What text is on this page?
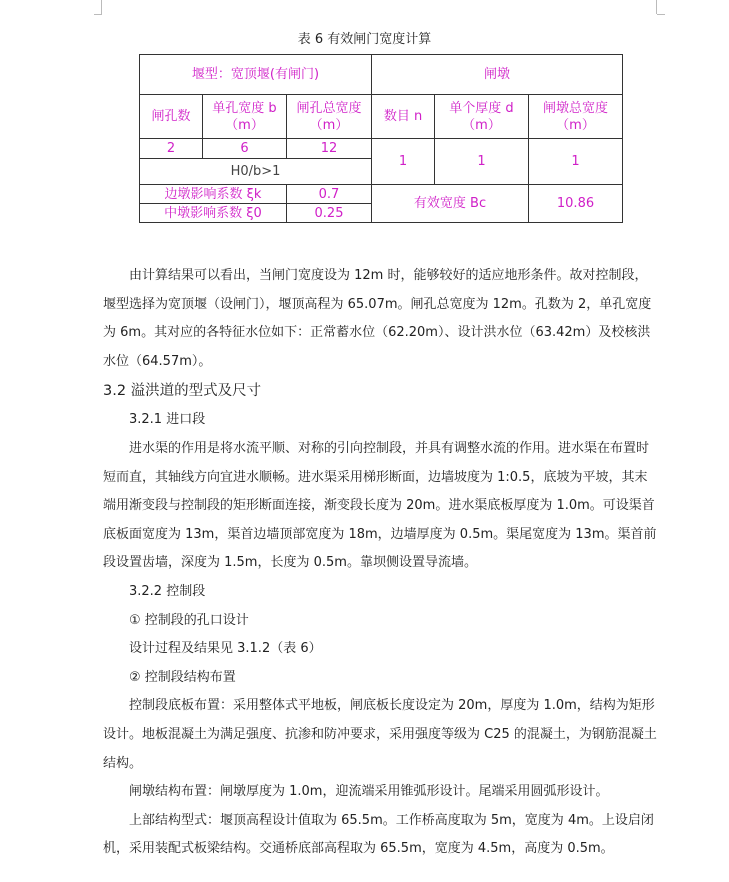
表 6 有效闸门宽度计算
堰型：宽顶堰(有闸门)			闸墩		
闸孔数	单孔宽度 b（m）	闸孔总宽度（m）	数目 n	单个厚度 d（m）	闸墩总宽度（m）
2	6	12	1	1	1
H0/b>1					
边墩影响系数 ξk		0.7	有效宽度 Bc		10.86
中墩影响系数 ξ0		0.25			

由计算结果可以看出，当闸门宽度设为 12m 时，能够较好的适应地形条件。故对控制段，堰型选择为宽顶堰（设闸门），堰顶高程为 65.07m。闸孔总宽度为 12m。孔数为 2，单孔宽度为 6m。其对应的各特征水位如下：正常蓄水位（62.20m）、设计洪水位（63.42m）及校核洪水位（64.57m）。

3.2 溢洪道的型式及尺寸

3.2.1 进口段

进水渠的作用是将水流平顺、对称的引向控制段，并具有调整水流的作用。进水渠在布置时短而直，其轴线方向宜进水顺畅。进水渠采用梯形断面，边墙坡度为 1:0.5，底坡为平坡，其末端用渐变段与控制段的矩形断面连接，渐变段长度为 20m。进水渠底板厚度为 1.0m。可设渠首底板面宽度为 13m，渠首边墙顶部宽度为 18m，边墙厚度为 0.5m。渠尾宽度为 13m。渠首前段设置齿墙，深度为 1.5m，长度为 0.5m。靠坝侧设置导流墙。

3.2.2 控制段

① 控制段的孔口设计

设计过程及结果见 3.1.2（表 6）

② 控制段结构布置

控制段底板布置：采用整体式平地板，闸底板长度设定为 20m，厚度为 1.0m，结构为矩形设计。地板混凝土为满足强度、抗渗和防冲要求，采用强度等级为 C25 的混凝土，为钢筋混凝土结构。

闸墩结构布置：闸墩厚度为 1.0m，迎流端采用锥弧形设计。尾端采用圆弧形设计。

上部结构型式：堰顶高程设计值取为 65.5m。工作桥高度取为 5m，宽度为 4m。上设启闭机，采用装配式板梁结构。交通桥底部高程取为 65.5m，宽度为 4.5m，高度为 0.5m。
